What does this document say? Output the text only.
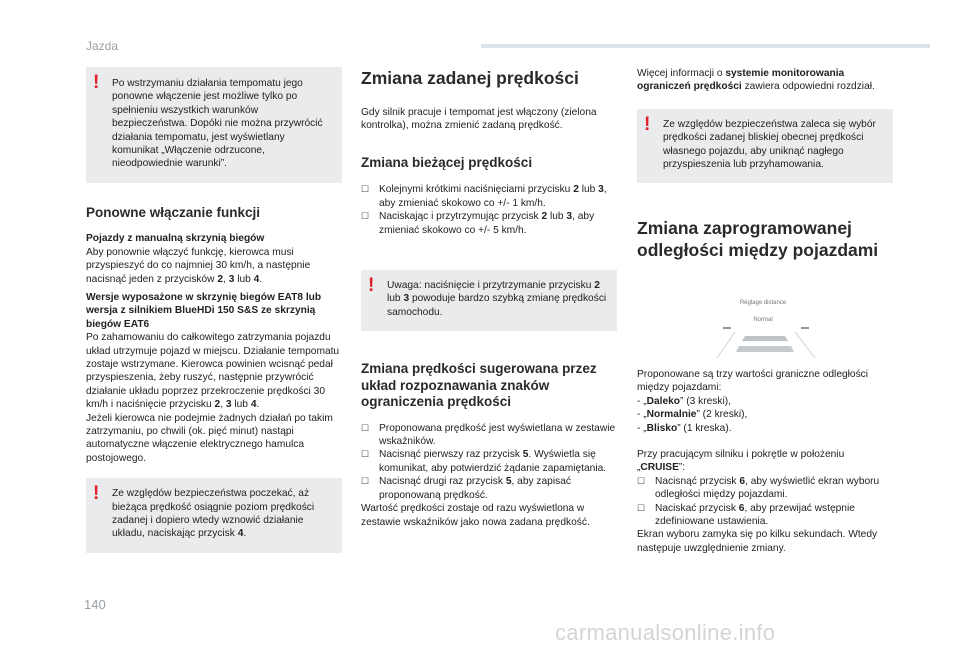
Jazda
! Po wstrzymaniu działania tempomatu jego ponowne włączenie jest możliwe tylko po spełnieniu wszystkich warunków bezpieczeństwa. Dopóki nie można przywrócić działania tempomatu, jest wyświetlany komunikat „Włączenie odrzucone, nieodpowiednie warunki”.

Ponowne włączanie funkcji

Pojazdy z manualną skrzynią biegów

Aby ponownie włączyć funkcję, kierowca musi przyspieszyć do co najmniej 30 km/h, a następnie nacisnąć jeden z przycisków 2, 3 lub 4.

Wersje wyposażone w skrzynię biegów EAT8 lub wersja z silnikiem BlueHDi 150 S&S ze skrzynią biegów EAT6

Po zahamowaniu do całkowitego zatrzymania pojazdu układ utrzymuje pojazd w miejscu. Działanie tempomatu zostaje wstrzymane. Kierowca powinien wcisnąć pedał przyspieszenia, żeby ruszyć, następnie przywrócić działanie układu poprzez przekroczenie prędkości 30 km/h i naciśnięcie przycisku 2, 3 lub 4.

Jeżeli kierowca nie podejmie żadnych działań po takim zatrzymaniu, po chwili (ok. pięć minut) nastąpi automatyczne włączenie elektrycznego hamulca postojowego.

! Ze względów bezpieczeństwa poczekać, aż bieżąca prędkość osiągnie poziom prędkości zadanej i dopiero wtedy wznowić działanie układu, naciskając przycisk 4.

Zmiana zadanej prędkości

Gdy silnik pracuje i tempomat jest włączony (zielona kontrolka), można zmienić zadaną prędkość.

Zmiana bieżącej prędkości
☐ Kolejnymi krótkimi naciśnięciami przycisku 2 lub 3, aby zmieniać skokowo co +/- 1 km/h.
☐ Naciskając i przytrzymując przycisk 2 lub 3, aby zmieniać skokowo co +/- 5 km/h.
! Uwaga: naciśnięcie i przytrzymanie przycisku 2 lub 3 powoduje bardzo szybką zmianę prędkości samochodu.

Zmiana prędkości sugerowana przez układ rozpoznawania znaków ograniczenia prędkości
☐ Proponowana prędkość jest wyświetlana w zestawie wskaźników.
☐ Nacisnąć pierwszy raz przycisk 5. Wyświetla się komunikat, aby potwierdzić żądanie zapamiętania.
☐ Nacisnąć drugi raz przycisk 5, aby zapisać proponowaną prędkość.

Wartość prędkości zostaje od razu wyświetlona w zestawie wskaźników jako nowa zadana prędkość.

Więcej informacji o systemie monitorowania ograniczeń prędkości zawiera odpowiedni rozdział.

! Ze względów bezpieczeństwa zaleca się wybór prędkości zadanej bliskiej obecnej prędkości własnego pojazdu, aby uniknąć nagłego przyspieszenia lub przyhamowania.

Zmiana zaprogramowanej odległości między pojazdami
Réglage distance
Normal

Proponowane są trzy wartości graniczne odległości między pojazdami:

- „Daleko” (3 kreski),
- „Normalnie” (2 kreski),
- „Blisko” (1 kreska).

Przy pracującym silniku i pokrętle w położeniu „CRUISE”:

☐ Nacisnąć przycisk 6, aby wyświetlić ekran wyboru odległości między pojazdami.
☐ Naciskać przycisk 6, aby przewijać wstępnie zdefiniowane ustawienia.

Ekran wyboru zamyka się po kilku sekundach. Wtedy następuje uwzględnienie zmiany.

140
carmanualsonline.info
